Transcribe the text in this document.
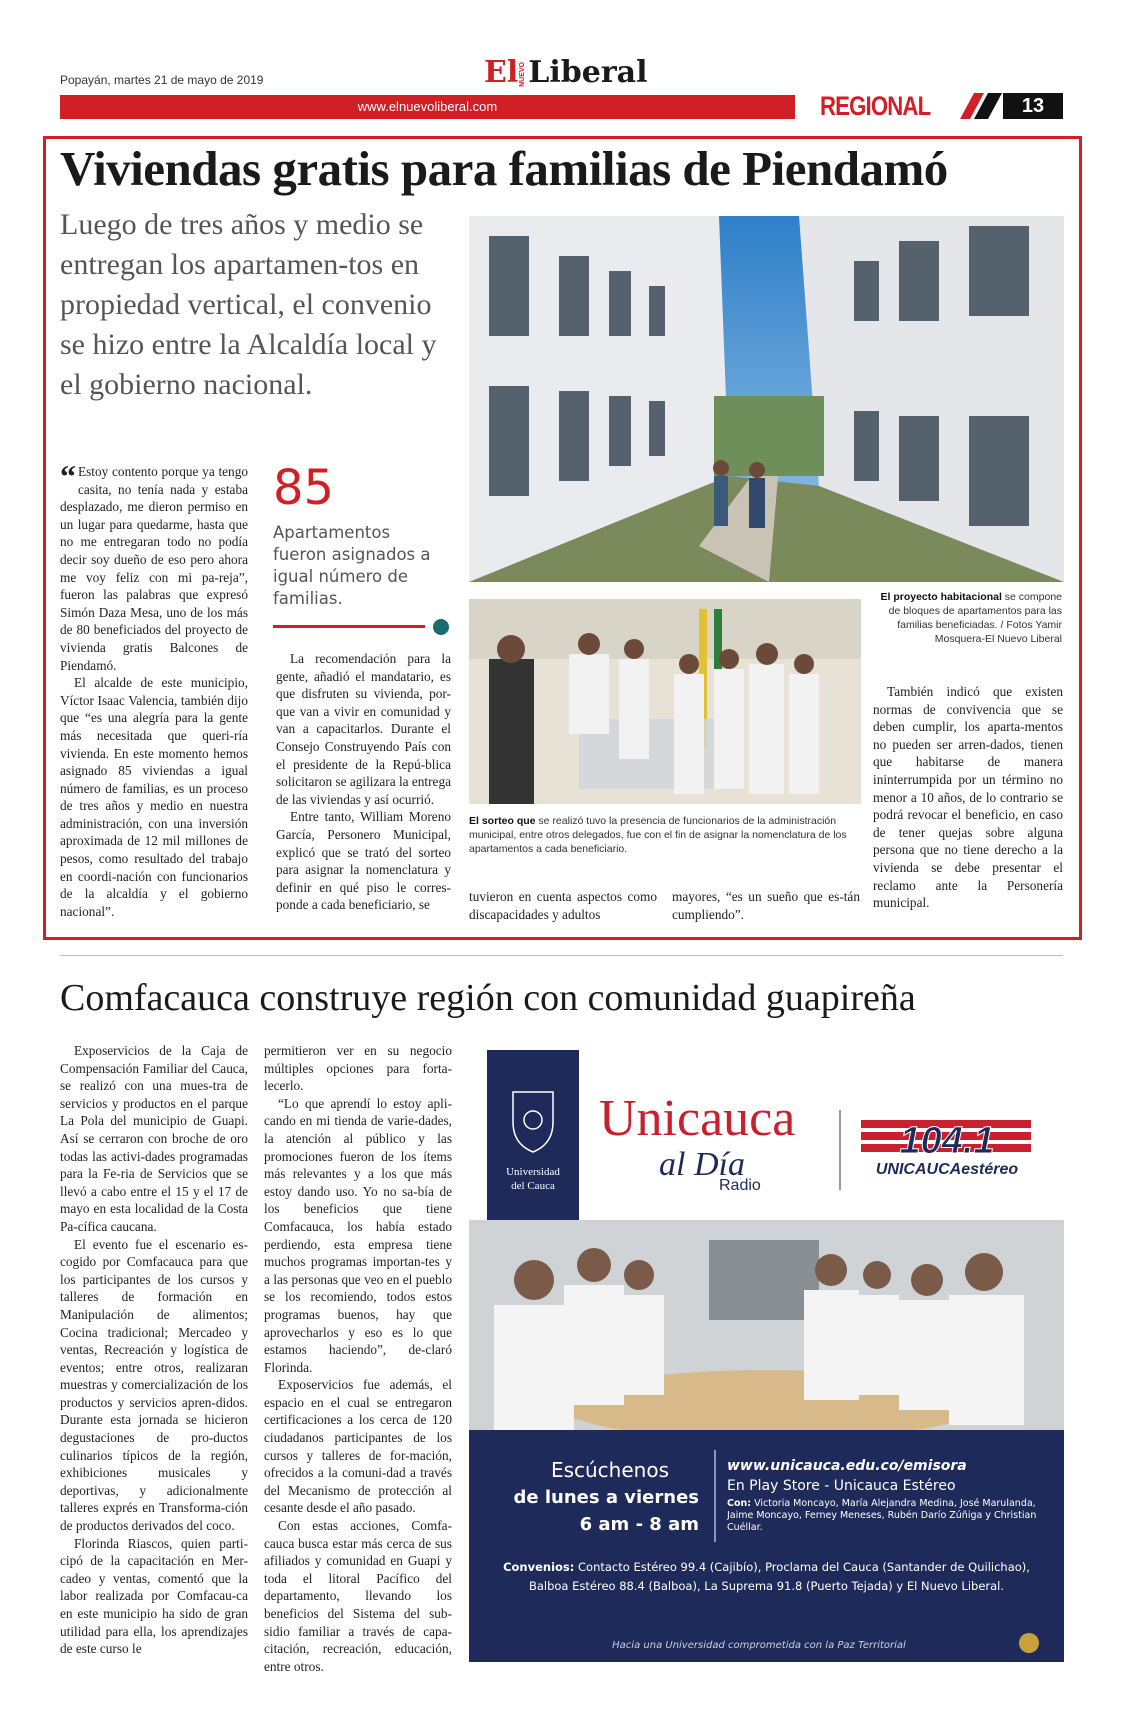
Popayán, martes 21 de mayo de 2019	ElNUEVOLiberal
www.elnuevoliberal.com	REGIONAL	13
Viviendas gratis para familias de Piendamó
Luego de tres años y medio se entregan los apartamen-tos en propiedad vertical, el convenio se hizo entre la Alcaldía local y el gobierno nacional.
El proyecto habitacional se compone de bloques de apartamentos para las familias beneficiadas. / Fotos Yamir Mosquera-El Nuevo Liberal
El sorteo que se realizó tuvo la presencia de funcionarios de la administración municipal, entre otros delegados, fue con el fin de asignar la nomenclatura de los apartamentos a cada beneficiario.

“ Estoy contento porque ya tengo casita, no tenía nada y estaba desplazado, me dieron permiso en un lugar para quedarme, hasta que no me entregaran todo no podía decir soy dueño de eso pero ahora me voy feliz con mi pa-reja”, fueron las palabras que expresó Simón Daza Mesa, uno de los más de 80 beneficiados del proyecto de vivienda gratis Balcones de Piendamó.

El alcalde de este municipio, Víctor Isaac Valencia, también dijo que “es una alegría para la gente más necesitada que queri-ría vivienda. En este momento hemos asignado 85 viviendas a igual número de familias, es un proceso de tres años y medio en nuestra administración, con una inversión aproximada de 12 mil millones de pesos, como resultado del trabajo en coordi-nación con funcionarios de la alcaldía y el gobierno nacional”.

85
Apartamentos fueron asignados a igual número de familias.

La recomendación para la gente, añadió el mandatario, es que disfruten su vivienda, por-que van a vivir en comunidad y van a capacitarlos. Durante el Consejo Construyendo País con el presidente de la Repú-blica solicitaron se agilizara la entrega de las viviendas y así ocurrió.

Entre tanto, William Moreno García, Personero Municipal, explicó que se trató del sorteo para asignar la nomenclatura y definir en qué piso le corres-ponde a cada beneficiario, se

tuvieron en cuenta aspectos como discapacidades y adultos

mayores, “es un sueño que es-tán cumpliendo”.

También indicó que existen normas de convivencia que se deben cumplir, los aparta-mentos no pueden ser arren-dados, tienen que habitarse de manera ininterrumpida por un término no menor a 10 años, de lo contrario se podrá revocar el beneficio, en caso de tener quejas sobre alguna persona que no tiene derecho a la vivienda se debe presentar el reclamo ante la Personería municipal.

Comfacauca construye región con comunidad guapireña

Exposervicios de la Caja de Compensación Familiar del Cauca, se realizó con una mues-tra de servicios y productos en el parque La Pola del municipio de Guapi. Así se cerraron con broche de oro todas las activi-dades programadas para la Fe-ria de Servicios que se llevó a cabo entre el 15 y el 17 de mayo en esta localidad de la Costa Pa-cífica caucana.

El evento fue el escenario es-cogido por Comfacauca para que los participantes de los cursos y talleres de formación en Manipulación de alimentos; Cocina tradicional; Mercadeo y ventas, Recreación y logística de eventos; entre otros, realizaran muestras y comercialización de los productos y servicios apren-didos. Durante esta jornada se hicieron degustaciones de pro-ductos culinarios típicos de la región, exhibiciones musicales y deportivas, y adicionalmente talleres exprés en Transforma-ción de productos derivados del coco.

Florinda Riascos, quien parti-cipó de la capacitación en Mer-cadeo y ventas, comentó que la labor realizada por Comfacau-ca en este municipio ha sido de gran utilidad para ella, los aprendizajes de este curso le

permitieron ver en su negocio múltiples opciones para forta-lecerlo.

“Lo que aprendí lo estoy apli-cando en mi tienda de varie-dades, la atención al público y las promociones fueron de los ítems más relevantes y a los que más estoy dando uso. Yo no sa-bía de los beneficios que tiene Comfacauca, los había estado perdiendo, esta empresa tiene muchos programas importan-tes y a las personas que veo en el pueblo se los recomiendo, todos estos programas buenos, hay que aprovecharlos y eso es lo que estamos haciendo”, de-claró Florinda.

Exposervicios fue además, el espacio en el cual se entregaron certificaciones a los cerca de 120 ciudadanos participantes de los cursos y talleres de for-mación, ofrecidos a la comuni-dad a través del Mecanismo de protección al cesante desde el año pasado.

Con estas acciones, Comfa-cauca busca estar más cerca de sus afiliados y comunidad en Guapi y toda el litoral Pacífico del departamento, llevando los beneficios del Sistema del sub-sidio familiar a través de capa-citación, recreación, educación, entre otros.

Universidad
del Cauca
Unicauca
al Día
Radio
104.1
UNICAUCAestéreo
Escúchenos
de lunes a viernes
6 am - 8 am
www.unicauca.edu.co/emisora
En Play Store - Unicauca Estéreo
Con: Victoria Moncayo, María Alejandra Medina, José Marulanda, Jaime Moncayo, Ferney Meneses, Rubén Darío Zúñiga y Christian Cuéllar.
Convenios: Contacto Estéreo 99.4 (Cajibío), Proclama del Cauca (Santander de Quilichao), Balboa Estéreo 88.4 (Balboa), La Suprema 91.8 (Puerto Tejada) y El Nuevo Liberal.
Hacia una Universidad comprometida con la Paz Territorial
